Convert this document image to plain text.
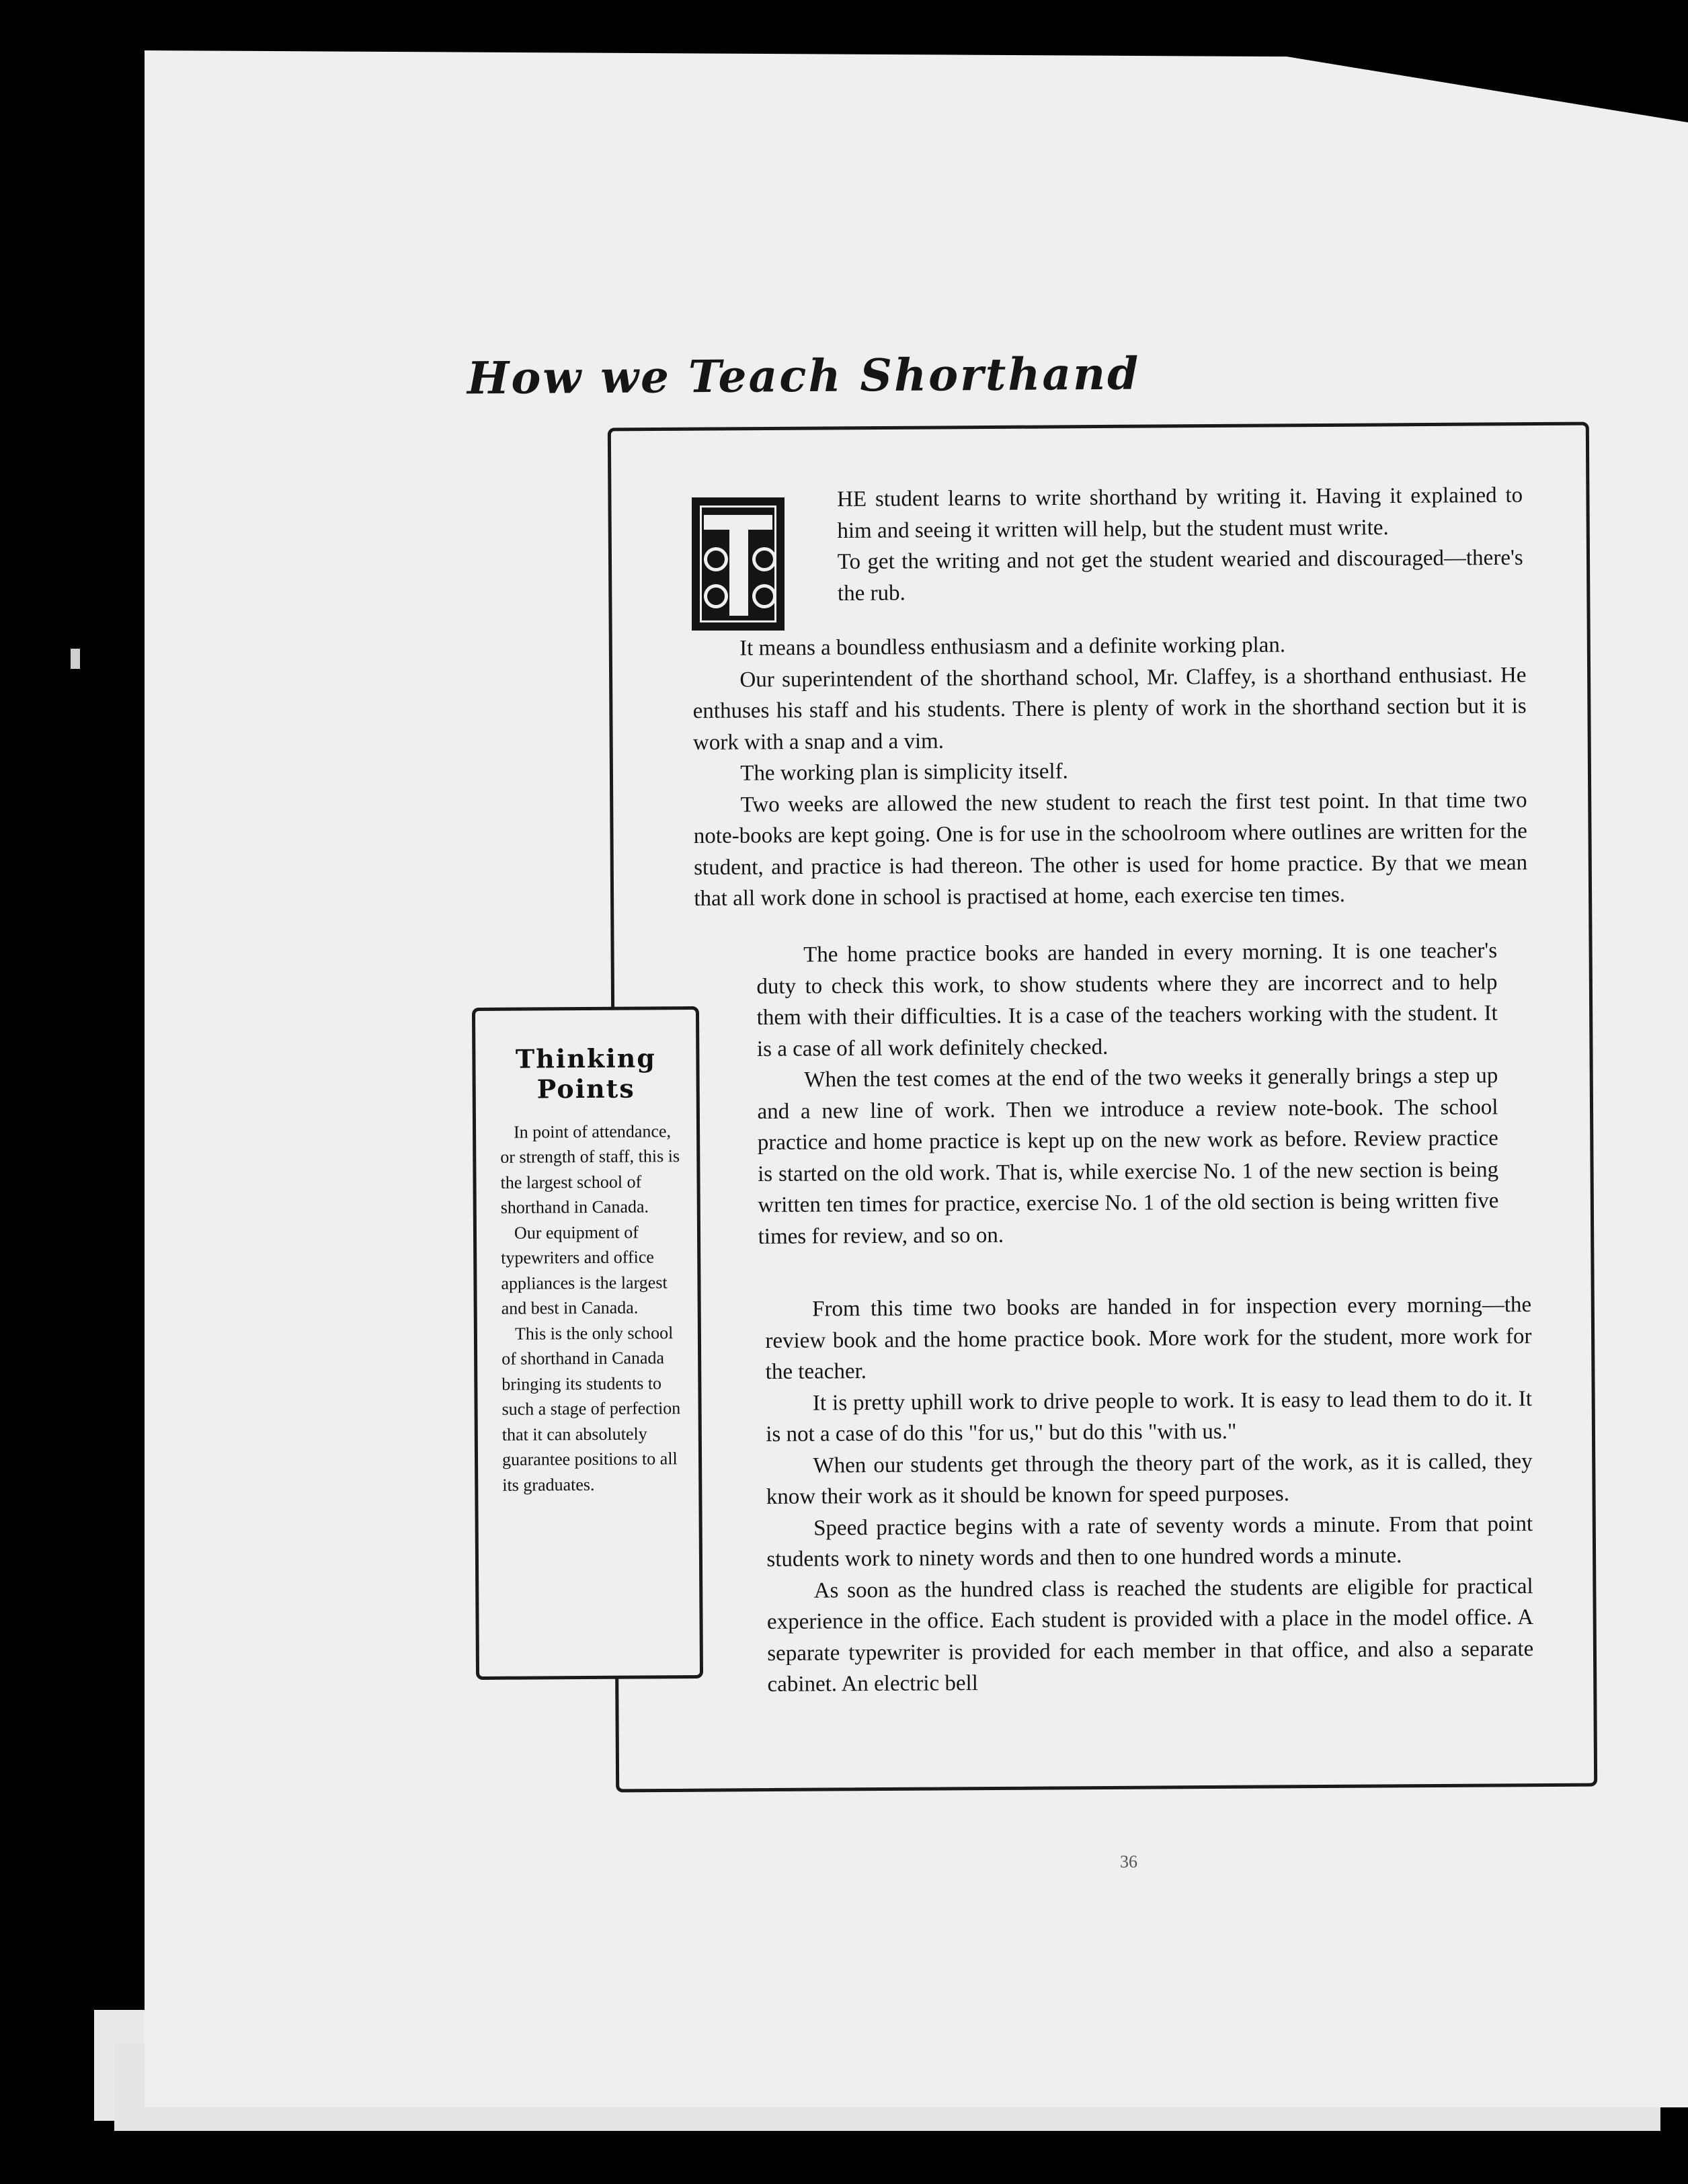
How we Teach Shorthand

HE student learns to write shorthand by writing it. Having it explained to him and seeing it written will help, but the student must write.

To get the writing and not get the student wearied and discouraged—there's the rub.

It means a boundless enthusiasm and a definite working plan.

Our superintendent of the shorthand school, Mr. Claffey, is a shorthand enthusiast. He enthuses his staff and his students. There is plenty of work in the shorthand section but it is work with a snap and a vim.

The working plan is simplicity itself.

Two weeks are allowed the new student to reach the first test point. In that time two note-books are kept going. One is for use in the schoolroom where outlines are written for the student, and practice is had thereon. The other is used for home practice. By that we mean that all work done in school is practised at home, each exercise ten times.

The home practice books are handed in every morning. It is one teacher's duty to check this work, to show students where they are incorrect and to help them with their difficulties. It is a case of the teachers working with the student. It is a case of all work definitely checked.

When the test comes at the end of the two weeks it generally brings a step up and a new line of work. Then we introduce a review note-book. The school practice and home practice is kept up on the new work as before. Review practice is started on the old work. That is, while exercise No. 1 of the new section is being written ten times for practice, exercise No. 1 of the old section is being written five times for review, and so on.

From this time two books are handed in for inspection every morning—the review book and the home practice book. More work for the student, more work for the teacher.

It is pretty uphill work to drive people to work. It is easy to lead them to do it. It is not a case of do this "for us," but do this "with us."

When our students get through the theory part of the work, as it is called, they know their work as it should be known for speed purposes.

Speed practice begins with a rate of seventy words a minute. From that point students work to ninety words and then to one hundred words a minute.

As soon as the hundred class is reached the students are eligible for practical experience in the office. Each student is provided with a place in the model office. A separate typewriter is provided for each member in that office, and also a separate cabinet. An electric bell

Thinking
Points

In point of attendance, or strength of staff, this is the largest school of shorthand in Canada.

Our equipment of typewriters and office appliances is the largest and best in Canada.

This is the only school of shorthand in Canada bringing its students to such a stage of perfection that it can absolutely guarantee positions to all its graduates.

36
